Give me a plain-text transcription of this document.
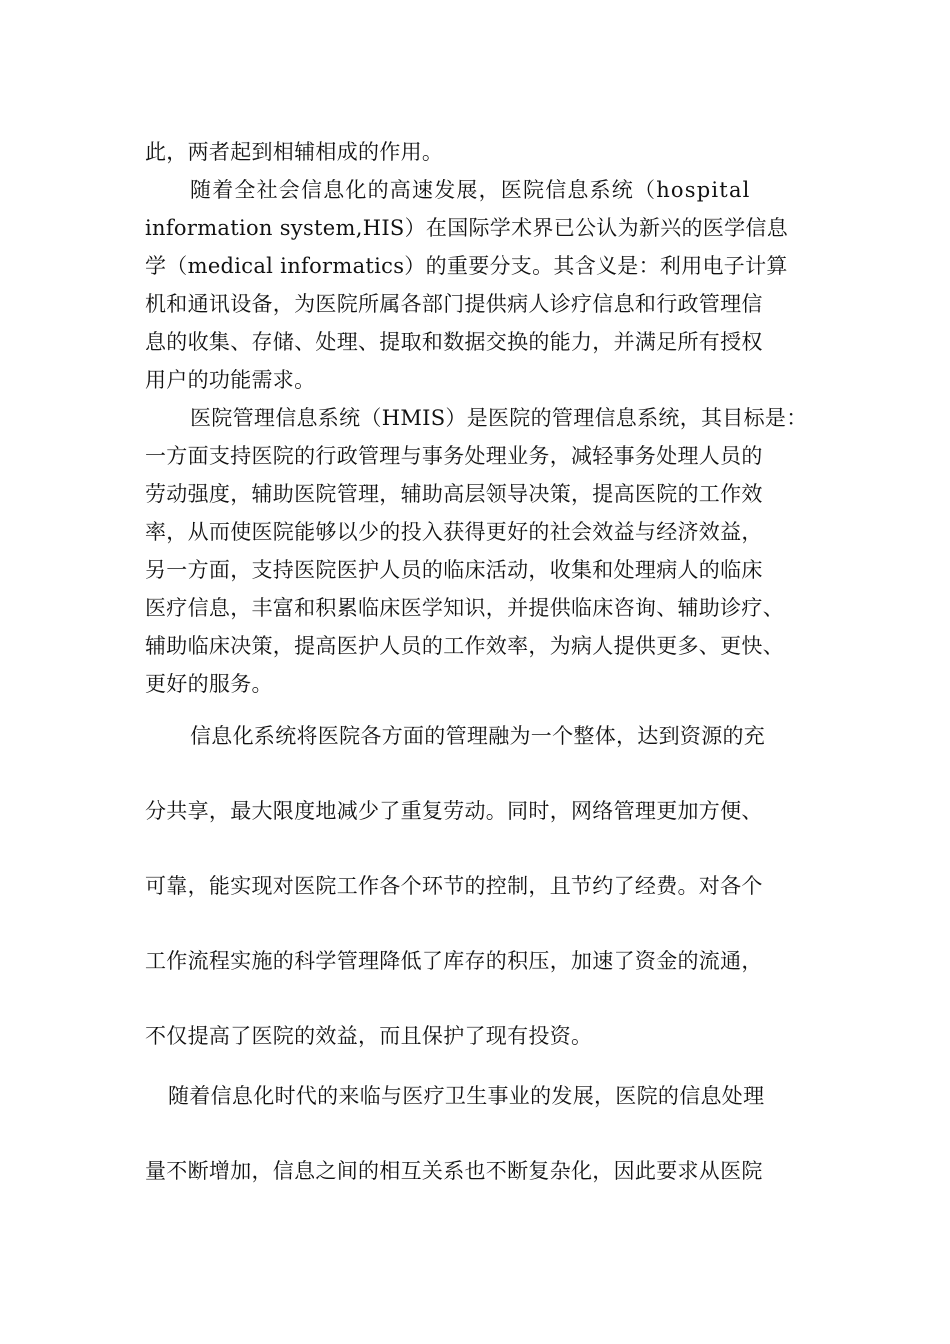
此，两者起到相辅相成的作用。
随着全社会信息化的高速发展，医院信息系统（hospital
information system,HIS）在国际学术界已公认为新兴的医学信息
学（medical informatics）的重要分支。其含义是：利用电子计算
机和通讯设备，为医院所属各部门提供病人诊疗信息和行政管理信
息的收集、存储、处理、提取和数据交换的能力，并满足所有授权
用户的功能需求。
医院管理信息系统（HMIS）是医院的管理信息系统，其目标是：
一方面支持医院的行政管理与事务处理业务，减轻事务处理人员的
劳动强度，辅助医院管理，辅助高层领导决策，提高医院的工作效
率，从而使医院能够以少的投入获得更好的社会效益与经济效益，
另一方面，支持医院医护人员的临床活动，收集和处理病人的临床
医疗信息，丰富和积累临床医学知识，并提供临床咨询、辅助诊疗、
辅助临床决策，提高医护人员的工作效率，为病人提供更多、更快、
更好的服务。
信息化系统将医院各方面的管理融为一个整体，达到资源的充
分共享，最大限度地减少了重复劳动。同时，网络管理更加方便、
可靠，能实现对医院工作各个环节的控制，且节约了经费。对各个
工作流程实施的科学管理降低了库存的积压，加速了资金的流通，
不仅提高了医院的效益，而且保护了现有投资。
随着信息化时代的来临与医疗卫生事业的发展，医院的信息处理
量不断增加，信息之间的相互关系也不断复杂化，因此要求从医院
